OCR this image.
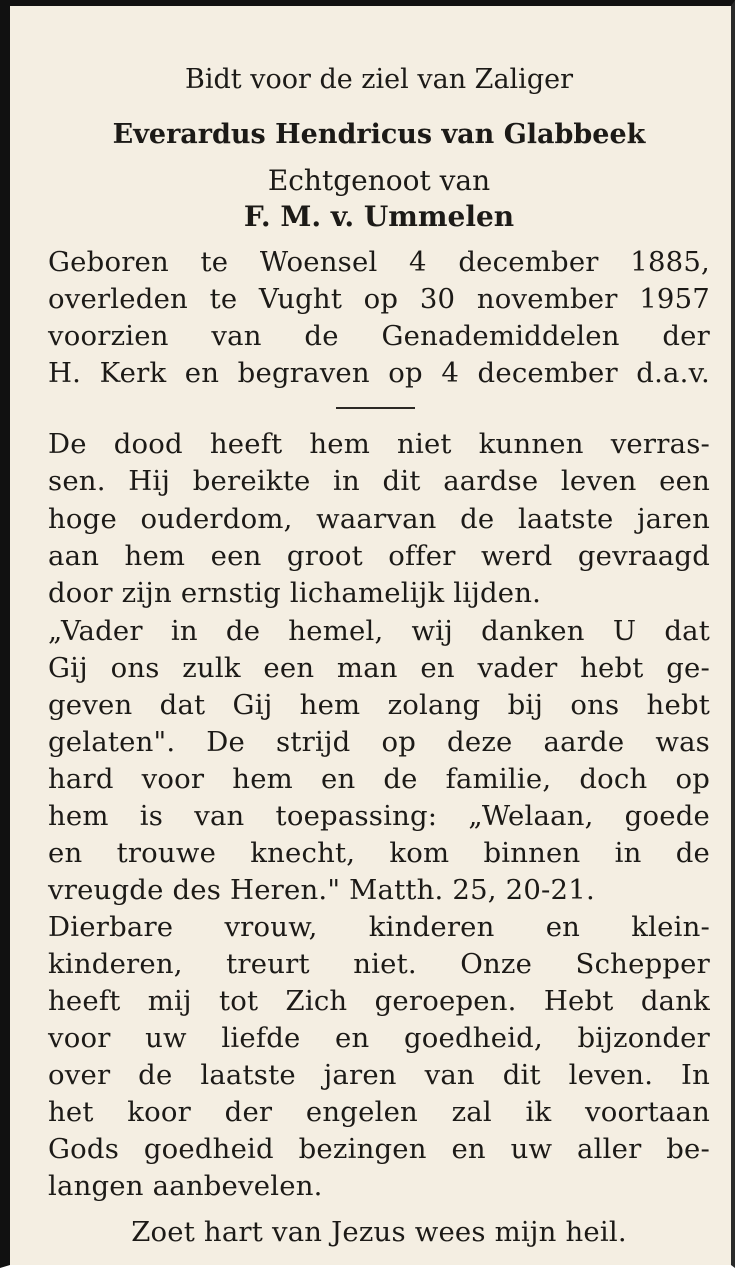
Bidt voor de ziel van Zaliger

Everardus Hendricus van Glabbeek

Echtgenoot van

F. M. v. Ummelen

Geboren te Woensel 4 december 1885,

overleden te Vught op 30 november 1957

voorzien van de Genademiddelen der

H. Kerk en begraven op 4 december d.a.v.

De dood heeft hem niet kunnen verras-

sen. Hij bereikte in dit aardse leven een

hoge ouderdom, waarvan de laatste jaren

aan hem een groot offer werd gevraagd

door zijn ernstig lichamelijk lijden.

„Vader in de hemel, wij danken U dat

Gij ons zulk een man en vader hebt ge-

geven dat Gij hem zolang bij ons hebt

gelaten". De strijd op deze aarde was

hard voor hem en de familie, doch op

hem is van toepassing: „Welaan, goede

en trouwe knecht, kom binnen in de

vreugde des Heren." Matth. 25, 20-21.

Dierbare vrouw, kinderen en klein-

kinderen, treurt niet. Onze Schepper

heeft mij tot Zich geroepen. Hebt dank

voor uw liefde en goedheid, bijzonder

over de laatste jaren van dit leven. In

het koor der engelen zal ik voortaan

Gods goedheid bezingen en uw aller be-

langen aanbevelen.

Zoet hart van Jezus wees mijn heil.
